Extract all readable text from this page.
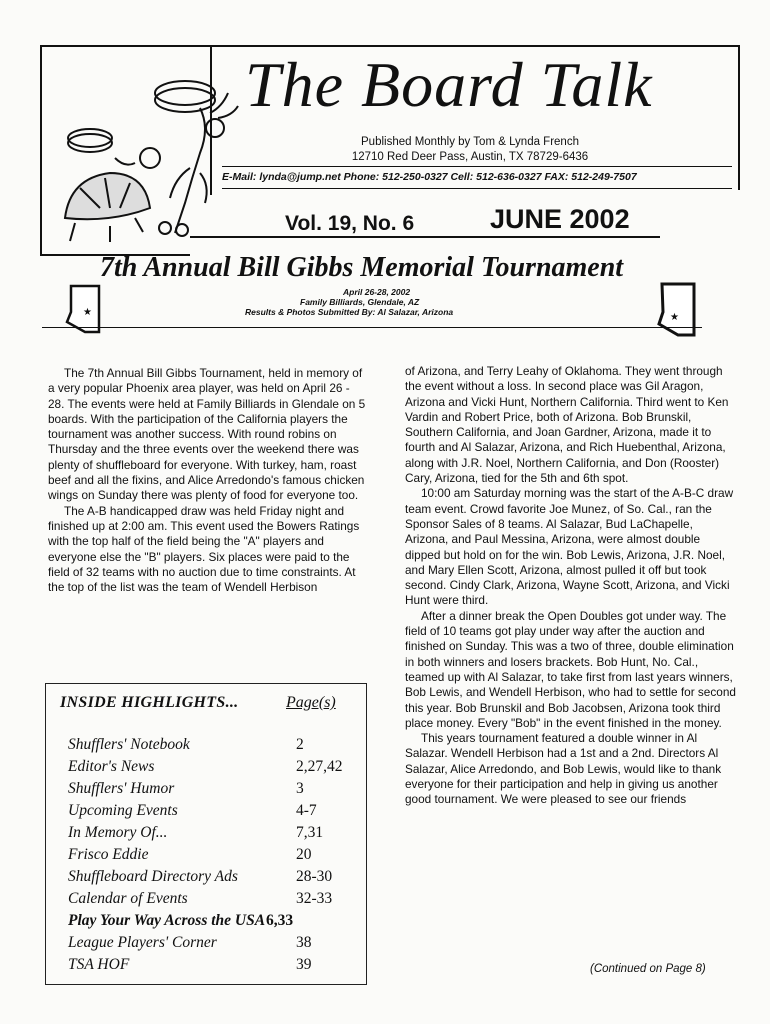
The Board Talk
Published Monthly by Tom & Lynda French
12710 Red Deer Pass, Austin, TX 78729-6436
E-Mail: lynda@jump.net Phone: 512-250-0327 Cell: 512-636-0327 FAX: 512-249-7507
Vol. 19, No. 6	JUNE 2002
7th Annual Bill Gibbs Memorial Tournament
April 26-28, 2002
Family Billiards, Glendale, AZ
Results & Photos Submitted By: Al Salazar, Arizona
★	★

The 7th Annual Bill Gibbs Tournament, held in memory of a very popular Phoenix area player, was held on April 26 - 28. The events were held at Family Billiards in Glendale on 5 boards. With the participation of the California players the tournament was another success. With round robins on Thursday and the three events over the weekend there was plenty of shuffleboard for everyone. With turkey, ham, roast beef and all the fixins, and Alice Arredondo's famous chicken wings on Sunday there was plenty of food for everyone too.

The A-B handicapped draw was held Friday night and finished up at 2:00 am. This event used the Bowers Ratings with the top half of the field being the "A" players and everyone else the "B" players. Six places were paid to the field of 32 teams with no auction due to time constraints. At the top of the list was the team of Wendell Herbison

of Arizona, and Terry Leahy of Oklahoma. They went through the event without a loss. In second place was Gil Aragon, Arizona and Vicki Hunt, Northern California. Third went to Ken Vardin and Robert Price, both of Arizona. Bob Brunskil, Southern California, and Joan Gardner, Arizona, made it to fourth and Al Salazar, Arizona, and Rich Huebenthal, Arizona, along with J.R. Noel, Northern California, and Don (Rooster) Cary, Arizona, tied for the 5th and 6th spot.

10:00 am Saturday morning was the start of the A-B-C draw team event. Crowd favorite Joe Munez, of So. Cal., ran the Sponsor Sales of 8 teams. Al Salazar, Bud LaChapelle, Arizona, and Paul Messina, Arizona, were almost double dipped but hold on for the win. Bob Lewis, Arizona, J.R. Noel, and Mary Ellen Scott, Arizona, almost pulled it off but took second. Cindy Clark, Arizona, Wayne Scott, Arizona, and Vicki Hunt were third.

After a dinner break the Open Doubles got under way. The field of 10 teams got play under way after the auction and finished on Sunday. This was a two of three, double elimination in both winners and losers brackets. Bob Hunt, No. Cal., teamed up with Al Salazar, to take first from last years winners, Bob Lewis, and Wendell Herbison, who had to settle for second this year. Bob Brunskil and Bob Jacobsen, Arizona took third place money. Every "Bob" in the event finished in the money.

This years tournament featured a double winner in Al Salazar. Wendell Herbison had a 1st and a 2nd. Directors Al Salazar, Alice Arredondo, and Bob Lewis, would like to thank everyone for their participation and help in giving us another good tournament. We were pleased to see our friends

(Continued on Page 8)
INSIDE HIGHLIGHTS...	Page(s)
Shufflers' Notebook	2
Editor's News	2,27,42
Shufflers' Humor	3
Upcoming Events	4-7
In Memory Of...	7,31
Frisco Eddie	20
Shuffleboard Directory Ads	28-30
Calendar of Events	32-33
Play Your Way Across the USA 6,33
League Players' Corner	38
TSA HOF	39
